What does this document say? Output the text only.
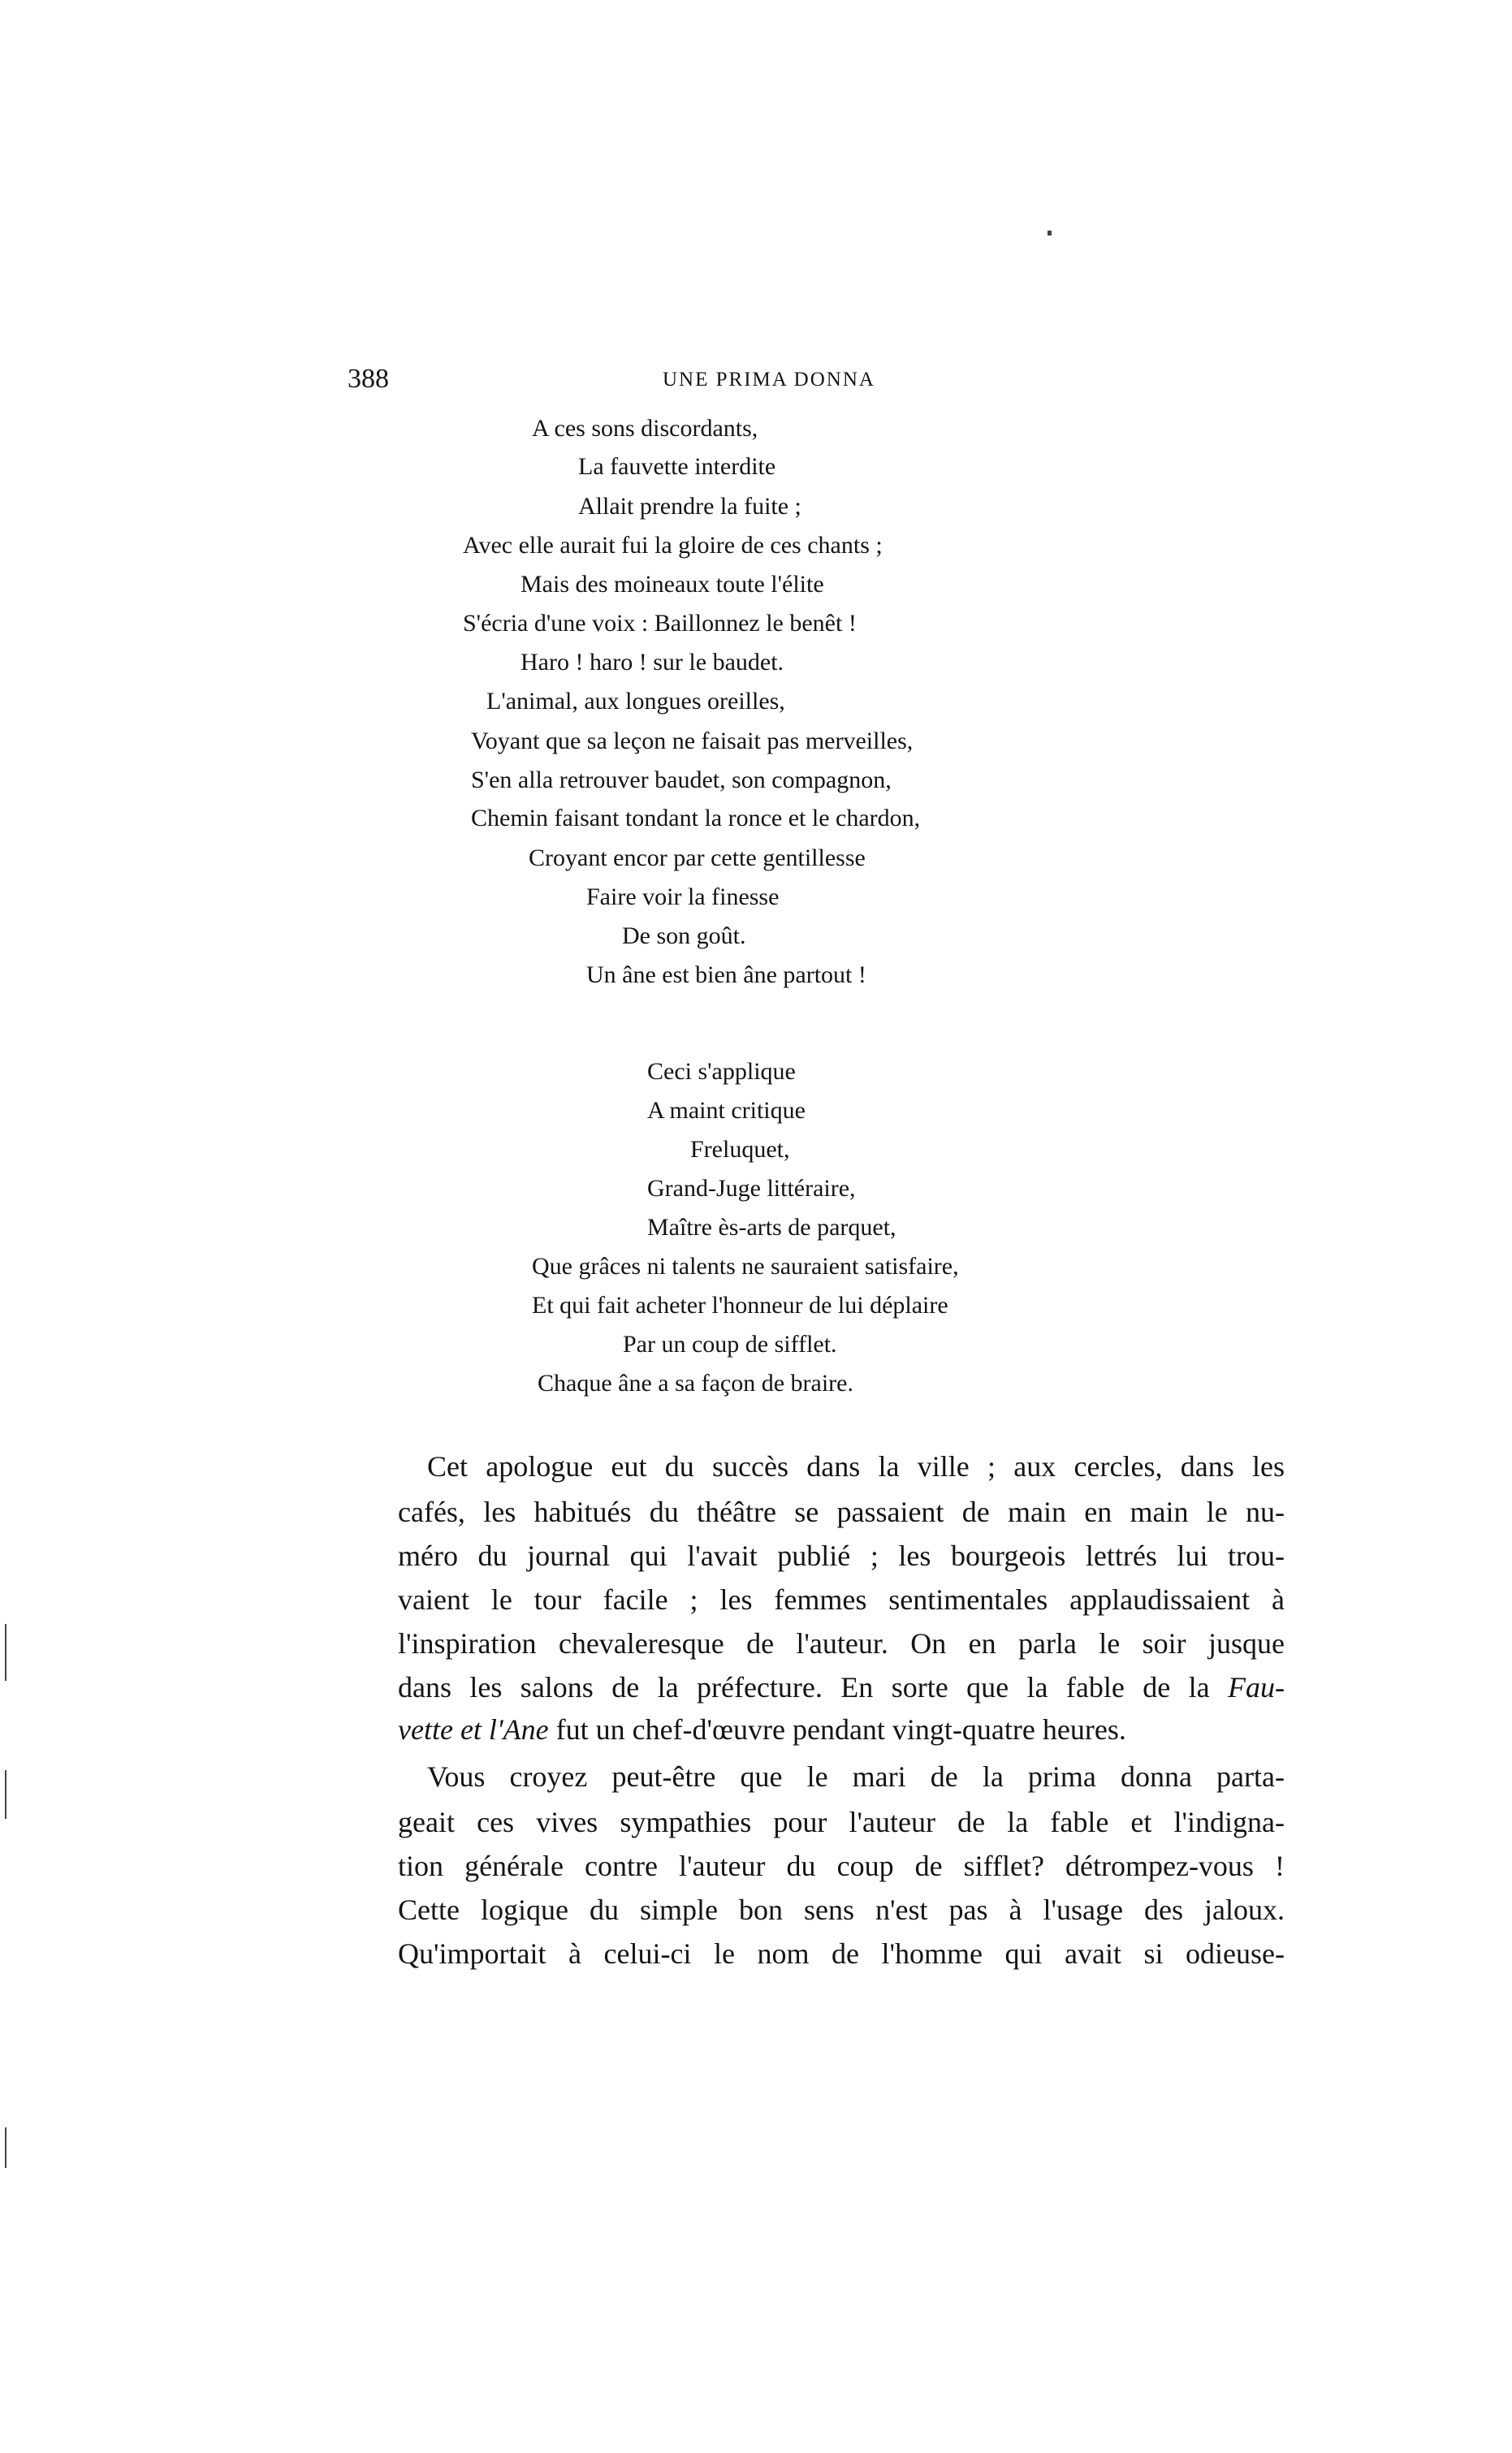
388	UNE PRIMA DONNA
A ces sons discordants,
La fauvette interdite
Allait prendre la fuite ;
Avec elle aurait fui la gloire de ces chants ;
Mais des moineaux toute l'élite
S'écria d'une voix : Baillonnez le benêt !
Haro ! haro ! sur le baudet.
L'animal, aux longues oreilles,
Voyant que sa leçon ne faisait pas merveilles,
S'en alla retrouver baudet, son compagnon,
Chemin faisant tondant la ronce et le chardon,
Croyant encor par cette gentillesse
Faire voir la finesse
De son goût.
Un âne est bien âne partout !
Ceci s'applique
A maint critique
Freluquet,
Grand-Juge littéraire,
Maître ès-arts de parquet,
Que grâces ni talents ne sauraient satisfaire,
Et qui fait acheter l'honneur de lui déplaire
Par un coup de sifflet.
Chaque âne a sa façon de braire.
Cet apologue eut du succès dans la ville ; aux cercles, dans les
cafés, les habitués du théâtre se passaient de main en main le nu-
méro du journal qui l'avait publié ; les bourgeois lettrés lui trou-
vaient le tour facile ; les femmes sentimentales applaudissaient à
l'inspiration chevaleresque de l'auteur. On en parla le soir jusque
dans les salons de la préfecture. En sorte que la fable de la Fau-
vette et l'Ane fut un chef-d'œuvre pendant vingt-quatre heures.
Vous croyez peut-être que le mari de la prima donna parta-
geait ces vives sympathies pour l'auteur de la fable et l'indigna-
tion générale contre l'auteur du coup de sifflet? détrompez-vous !
Cette logique du simple bon sens n'est pas à l'usage des jaloux.
Qu'importait à celui-ci le nom de l'homme qui avait si odieuse-
